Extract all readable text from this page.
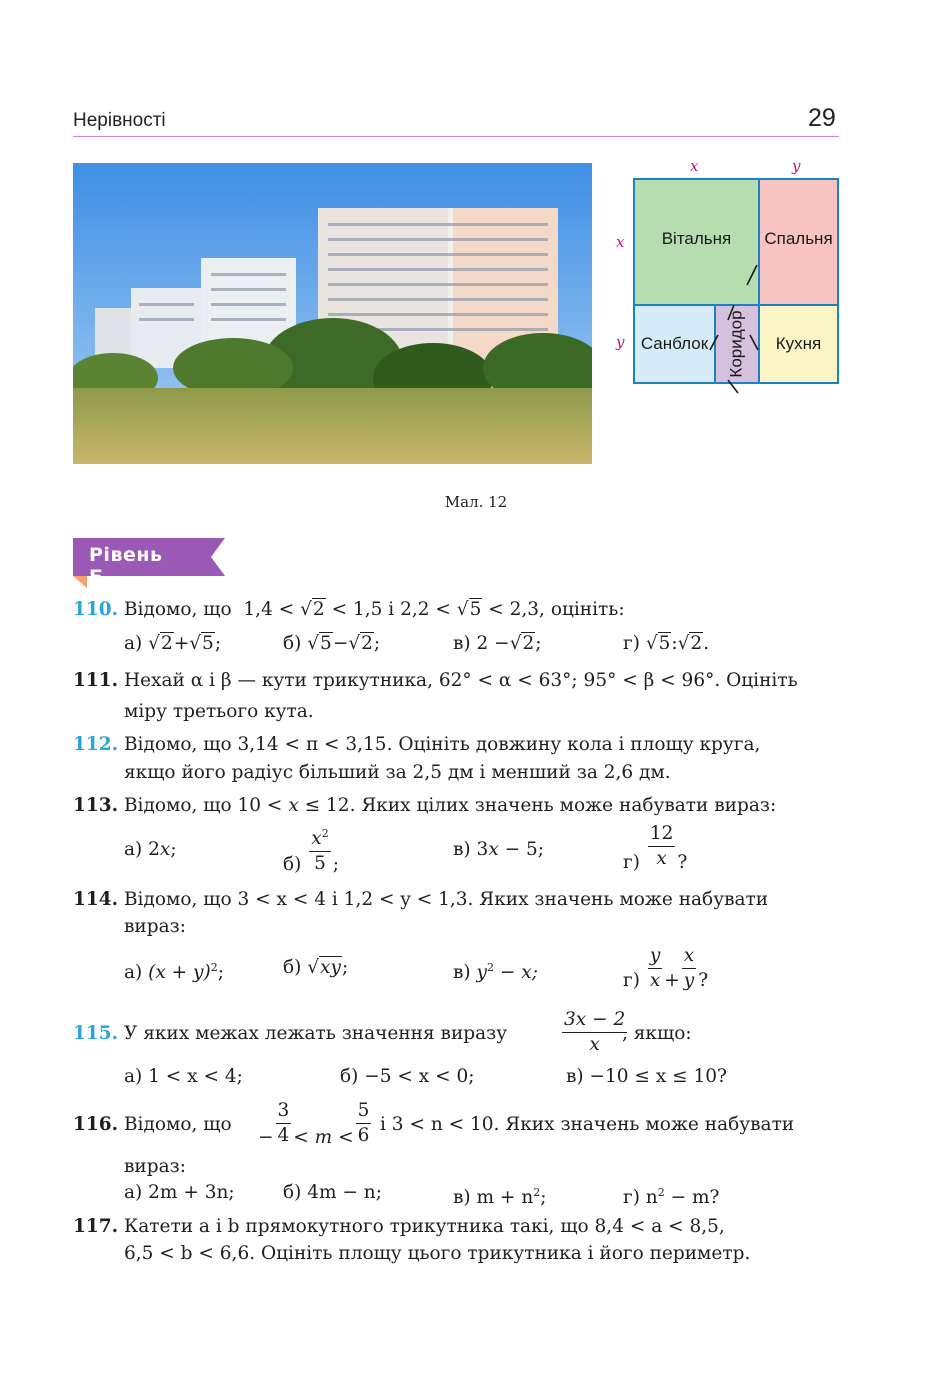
Нерівності	29
x	y
x
y
Вітальня Спальня
Санблок Коридор Кухня
Мал. 12
Рівень Б
110. Відомо, що 1,4 < √2 < 1,5 і 2,2 < √5 < 2,3, оцініть:
а) √2+√5;	б) √5−√2;	в) 2 −√2;	г) √5:√2.
111. Нехай α і β — кути трикутника, 62° < α < 63°; 95° < β < 96°. Оцініть
міру третього кута.
112. Відомо, що 3,14 < π < 3,15. Оцініть довжину кола і площу круга,
якщо його радіус більший за 2,5 дм і менший за 2,6 дм.
113. Відомо, що 10 < x ≤ 12. Яких цілих значень може набувати вираз:
а) 2x;
$б) \frac{x^2}{5}$ ;
в) 3x − 5;
$г) \frac{12}{x}$ ?
114. Відомо, що 3 < x < 4 і 1,2 < y < 1,3. Яких значень може набувати
вираз:
а) $(x + y)^2$;	б) √xy;	в) $y^2 - x$;	$г) \frac{y}{x} + \frac{x}{y}$ ?
115. У яких межах лежать значення виразу	$\frac{3x - 2}{x}$
, якщо:
а) 1 < x < 4;	б) −5 < x < 0;	в) −10 ≤ x ≤ 10?
116. Відомо, що
− $\frac{3}{4} < m < \frac{5}{6}$ і 3 < n < 10. Яких значень може набувати
вираз:
а) 2m + 3n;	б) 4m − n;	в) $m + n^2$;	г) $n^2 - m$?
117. Катети a і b прямокутного трикутника такі, що 8,4 < a < 8,5,
6,5 < b < 6,6. Оцініть площу цього трикутника і його периметр.
